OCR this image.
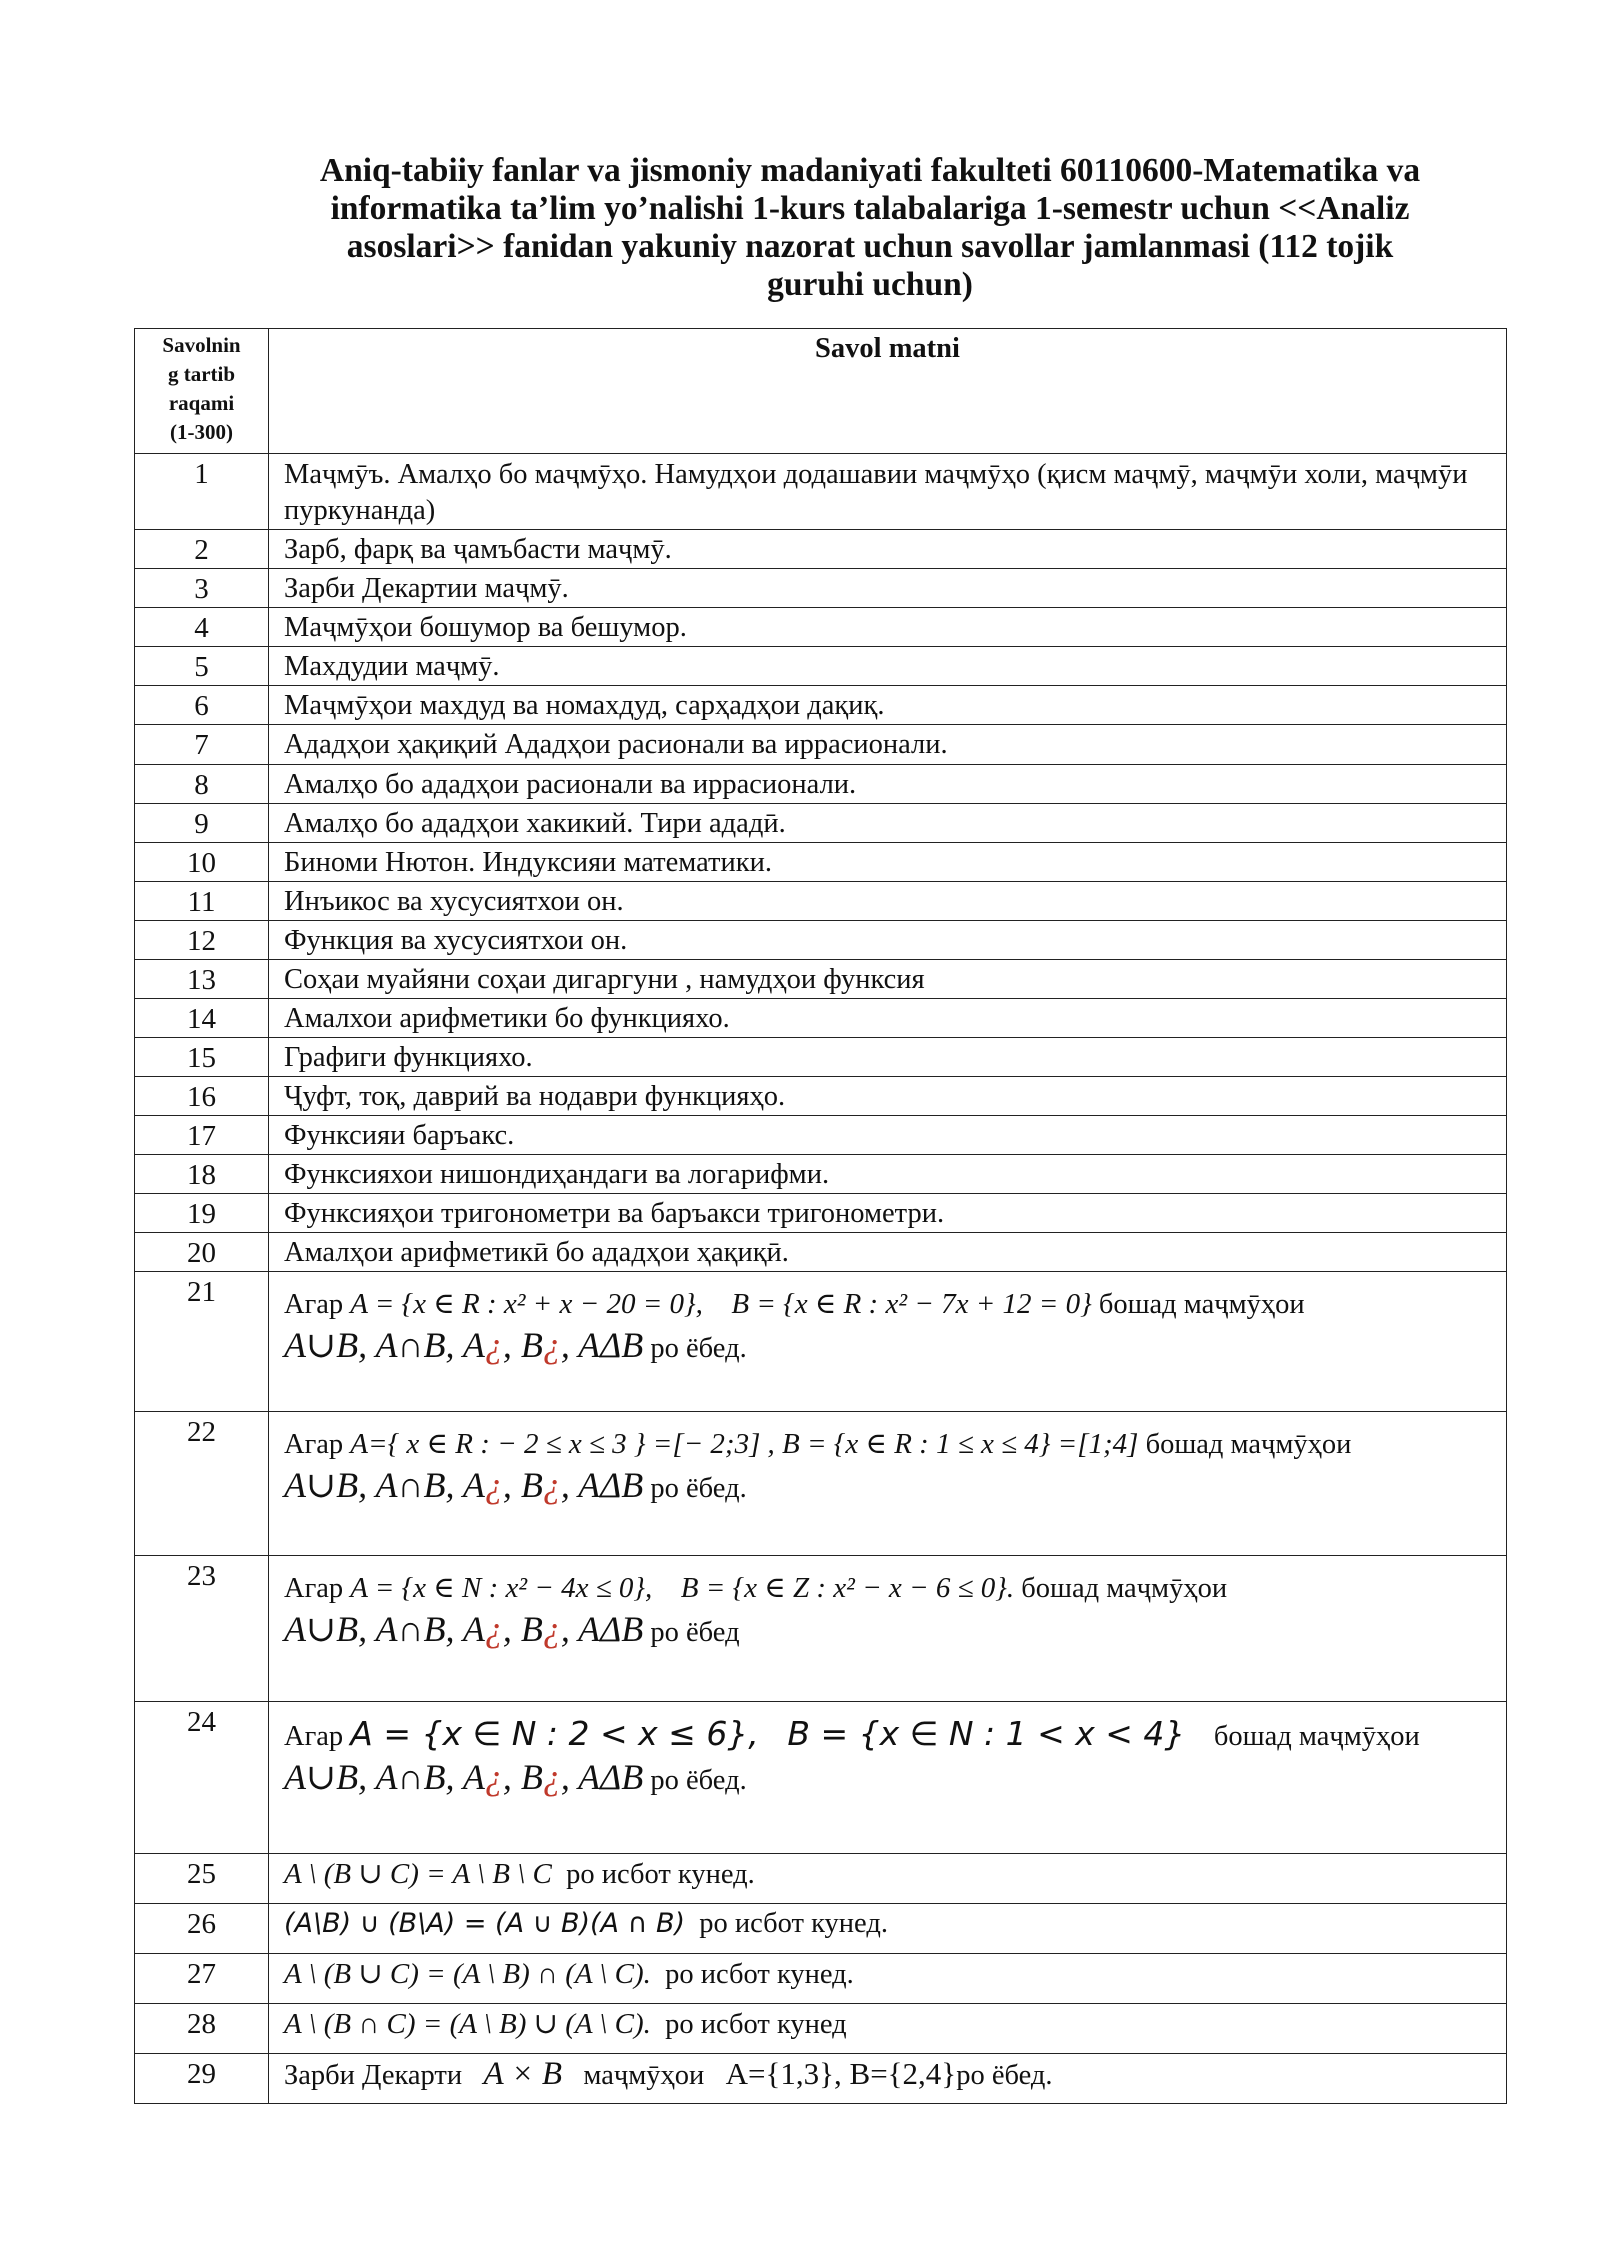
Aniq-tabiiy fanlar va jismoniy madaniyati fakulteti 60110600-Matematika va
informatika ta’lim yo’nalishi 1-kurs talabalariga 1-semestr uchun <<Analiz
asoslari>> fanidan yakuniy nazorat uchun savollar jamlanmasi (112 tojik
guruhi uchun)
Savolnin
g tartib
raqami
(1-300)	Savol matni
1	Маҷмӯъ. Амалҳо бо маҷмӯҳо. Намудҳои додашавии маҷмӯҳо (қисм маҷмӯ, маҷмӯи холи, маҷмӯи пуркунанда)
2	Зарб, фарқ ва ҷамъбасти маҷмӯ.
3	Зарби Декартии маҷмӯ.
4	Маҷмӯҳои бошумор ва бешумор.
5	Махдудии маҷмӯ.
6	Маҷмӯҳои махдуд ва номахдуд, сарҳадҳои дақиқ.
7	Ададҳои ҳақиқий Ададҳои расионали ва иррасионали.
8	Амалҳо бо ададҳои расионали ва иррасионали.
9	Амалҳо бо ададҳои хакикий. Тири ададӣ.
10	Биноми Нютон. Индуксияи математики.
11	Инъикос ва хусусиятхои он.
12	Функция ва хусусиятхои он.
13	Соҳаи муайяни соҳаи дигаргуни , намудҳои функсия
14	Амалхои арифметики бо функцияхо.
15	Графиги функцияхо.
16	Ҷуфт, тоқ, даврий ва нодаври функцияҳо.
17	Функсияи баръакс.
18	Функсияхои нишондиҳандаги ва логарифми.
19	Функсияҳои тригонометри ва баръакси тригонометри.
20	Амалҳои арифметикӣ бо ададҳои ҳақиқӣ.
21	Агар A = {x ∈ R : x² + x − 20 = 0}, B = {x ∈ R : x² − 7x + 12 = 0} бошад маҷмӯҳои
A∪B, A∩B, A¿, B¿, AΔB ро ёбед.

22	Агар A={ x ∈ R : − 2 ≤ x ≤ 3 } =[− 2;3] , B = {x ∈ R : 1 ≤ x ≤ 4} =[1;4] бошад маҷмӯҳои
A∪B, A∩B, A¿, B¿, AΔB ро ёбед.

23	Агар A = {x ∈ N : x² − 4x ≤ 0}, B = {x ∈ Z : x² − x − 6 ≤ 0}. бошад маҷмӯҳои
A∪B, A∩B, A¿, B¿, AΔB ро ёбед

24	Агар A = {x ∈ N : 2 < x ≤ 6}, B = {x ∈ N : 1 < x < 4} бошад маҷмӯҳои
A∪B, A∩B, A¿, B¿, AΔB ро ёбед.

25	A \ (B ∪ C) = A \ B \ C ро исбот кунед.
26	(A\B) ∪ (B\A) = (A ∪ B)(A ∩ B) ро исбот кунед.
27	A \ (B ∪ C) = (A \ B) ∩ (A \ C). ро исбот кунед.
28	A \ (B ∩ C) = (A \ B) ∪ (A \ C). ро исбот кунед
29	Зарби Декарти A × B маҷмӯҳои A={1,3}, B={2,4}ро ёбед.
